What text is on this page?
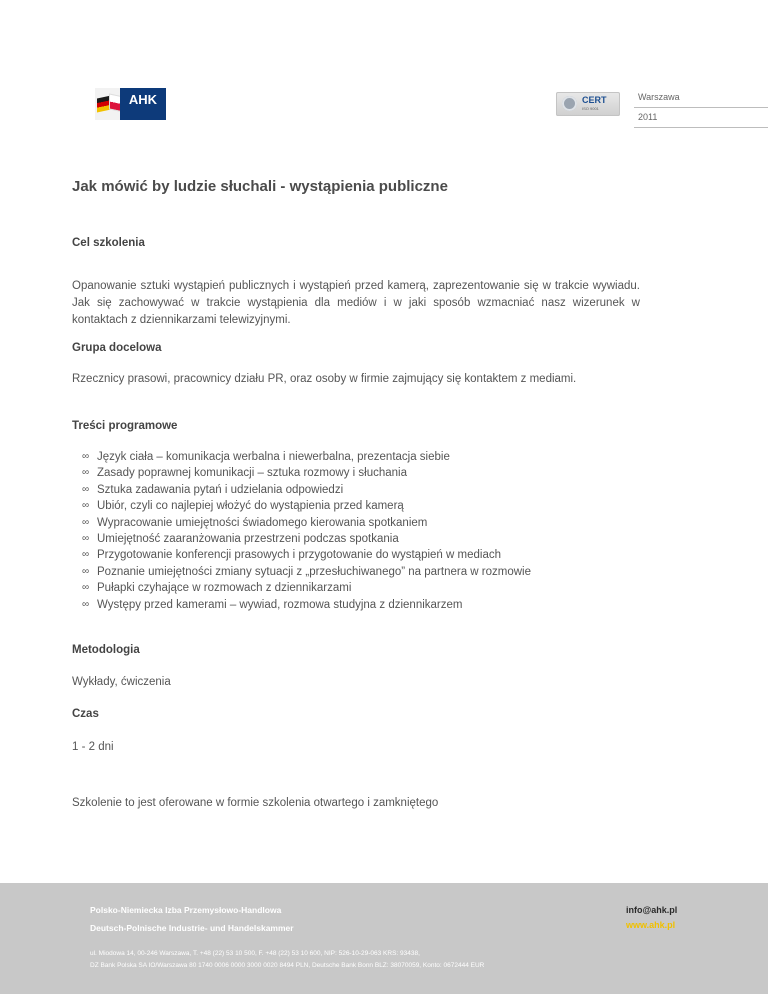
AHK	CERT
ISO 9001
Warszawa
2011
Jak mówić by ludzie słuchali - wystąpienia publiczne
Cel szkolenia
Opanowanie sztuki wystąpień publicznych i wystąpień przed kamerą, zaprezentowanie się w trakcie wywiadu. Jak się zachowywać w trakcie wystąpienia dla mediów i w jaki sposób wzmacniać nasz wizerunek w kontaktach z dziennikarzami telewizyjnymi.
Grupa docelowa
Rzecznicy prasowi, pracownicy działu PR, oraz osoby w firmie zajmujący się kontaktem z mediami.
Treści programowe
∞ Język ciała – komunikacja werbalna i niewerbalna, prezentacja siebie
∞ Zasady poprawnej komunikacji – sztuka rozmowy i słuchania
∞ Sztuka zadawania pytań i udzielania odpowiedzi
∞ Ubiór, czyli co najlepiej włożyć do wystąpienia przed kamerą
∞ Wypracowanie umiejętności świadomego kierowania spotkaniem
∞ Umiejętność zaaranżowania przestrzeni podczas spotkania
∞ Przygotowanie konferencji prasowych i przygotowanie do wystąpień w mediach
∞ Poznanie umiejętności zmiany sytuacji z „przesłuchiwanego” na partnera w rozmowie
∞ Pułapki czyhające w rozmowach z dziennikarzami
∞ Występy przed kamerami – wywiad, rozmowa studyjna z dziennikarzem
Metodologia
Wykłady, ćwiczenia
Czas
1 - 2 dni
Szkolenie to jest oferowane w formie szkolenia otwartego i zamkniętego
Polsko-Niemiecka Izba Przemysłowo-Handlowa
Deutsch-Polnische Industrie- und Handelskammer
ul. Miodowa 14, 00-246 Warszawa, T. +48 (22) 53 10 500, F. +48 (22) 53 10 600, NIP: 526-10-29-063 KRS: 93438,
DZ Bank Polska SA IO/Warszawa 80 1740 0006 0000 3000 0020 8494 PLN, Deutsche Bank Bonn BLZ: 38070059, Konto: 0672444 EUR
info@ahk.pl
www.ahk.pl
